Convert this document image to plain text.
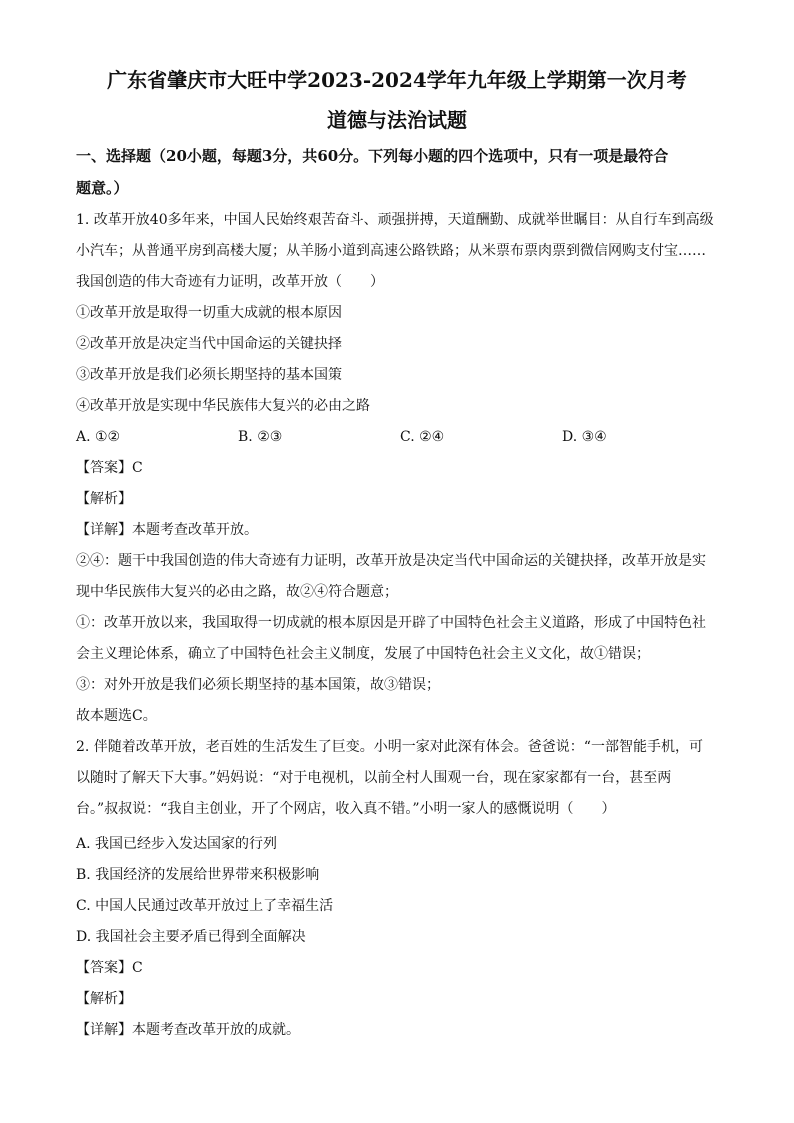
广东省肇庆市大旺中学2023-2024学年九年级上学期第一次月考
道德与法治试题
一、选择题（20小题，每题3分，共60分。下列每小题的四个选项中，只有一项是最符合
题意。）
1. 改革开放40多年来，中国人民始终艰苦奋斗、顽强拼搏，天道酬勤、成就举世瞩目：从自行车到高级
小汽车；从普通平房到高楼大厦；从羊肠小道到高速公路铁路；从米票布票肉票到微信网购支付宝……
我国创造的伟大奇迹有力证明，改革开放（　　）
①改革开放是取得一切重大成就的根本原因
②改革开放是决定当代中国命运的关键抉择
③改革开放是我们必须长期坚持的基本国策
④改革开放是实现中华民族伟大复兴的必由之路
A. ①②	B. ②③	C. ②④	D. ③④
【答案】C
【解析】
【详解】本题考查改革开放。
②④：题干中我国创造的伟大奇迹有力证明，改革开放是决定当代中国命运的关键抉择，改革开放是实
现中华民族伟大复兴的必由之路，故②④符合题意；
①：改革开放以来，我国取得一切成就的根本原因是开辟了中国特色社会主义道路，形成了中国特色社
会主义理论体系，确立了中国特色社会主义制度，发展了中国特色社会主义文化，故①错误；
③：对外开放是我们必须长期坚持的基本国策，故③错误；
故本题选C。
2. 伴随着改革开放，老百姓的生活发生了巨变。小明一家对此深有体会。爸爸说：“一部智能手机，可
以随时了解天下大事。”妈妈说：“对于电视机，以前全村人围观一台，现在家家都有一台，甚至两
台。”叔叔说：“我自主创业，开了个网店，收入真不错。”小明一家人的感慨说明（　　）
A. 我国已经步入发达国家的行列
B. 我国经济的发展给世界带来积极影响
C. 中国人民通过改革开放过上了幸福生活
D. 我国社会主要矛盾已得到全面解决
【答案】C
【解析】
【详解】本题考查改革开放的成就。
